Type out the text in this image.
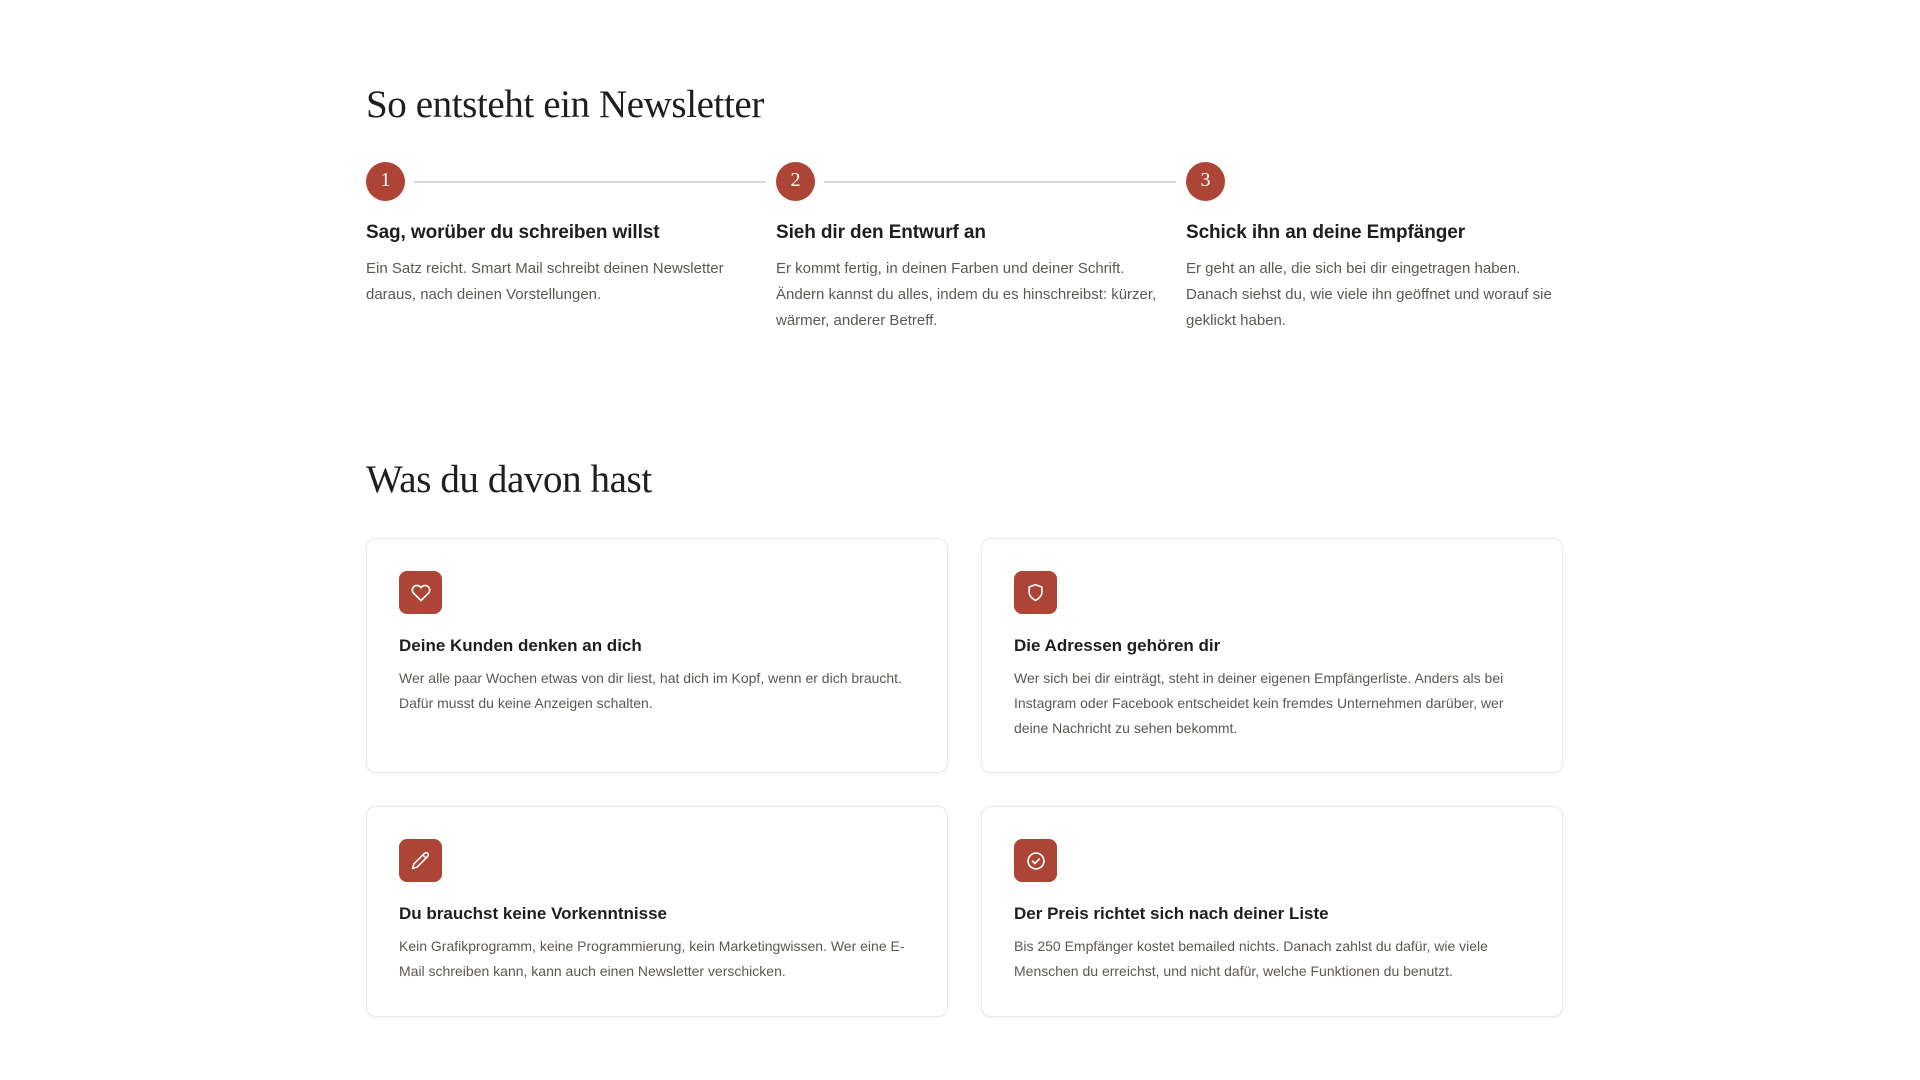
So entsteht ein Newsletter
1
Sag, worüber du schreiben willst
Ein Satz reicht. Smart Mail schreibt deinen Newsletter daraus, nach deinen Vorstellungen.
2
Sieh dir den Entwurf an
Er kommt fertig, in deinen Farben und deiner Schrift. Ändern kannst du alles, indem du es hinschreibst: kürzer, wärmer, anderer Betreff.
3
Schick ihn an deine Empfänger
Er geht an alle, die sich bei dir eingetragen haben. Danach siehst du, wie viele ihn geöffnet und worauf sie geklickt haben.
Was du davon hast
Deine Kunden denken an dich
Wer alle paar Wochen etwas von dir liest, hat dich im Kopf, wenn er dich braucht. Dafür musst du keine Anzeigen schalten.
Die Adressen gehören dir
Wer sich bei dir einträgt, steht in deiner eigenen Empfängerliste. Anders als bei Instagram oder Facebook entscheidet kein fremdes Unternehmen darüber, wer deine Nachricht zu sehen bekommt.
Du brauchst keine Vorkenntnisse
Kein Grafikprogramm, keine Programmierung, kein Marketingwissen. Wer eine E-Mail schreiben kann, kann auch einen Newsletter verschicken.
Der Preis richtet sich nach deiner Liste
Bis 250 Empfänger kostet bemailed nichts. Danach zahlst du dafür, wie viele Menschen du erreichst, und nicht dafür, welche Funktionen du benutzt.
